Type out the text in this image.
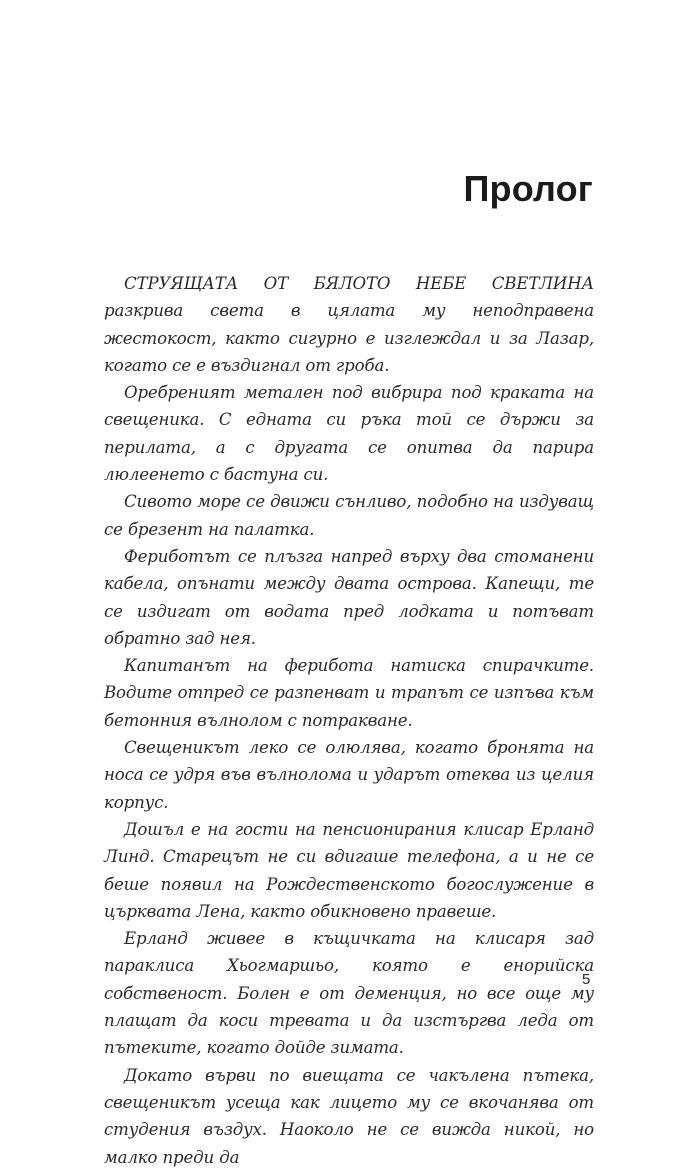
Пролог

СТРУЯЩАТА ОТ БЯЛОТО НЕБЕ СВЕТЛИНА разкрива света в цялата му неподправена жестокост, както сигурно е изглеждал и за Лазар, когато се е въздигнал от гроба.

Оребреният метален под вибрира под краката на свещеника. С едната си ръка той се държи за перилата, а с другата се опитва да парира люлеенето с бастуна си.

Сивото море се движи сънливо, подобно на издуващ се брезент на палатка.

Фериботът се плъзга напред върху два стоманени кабела, опънати между двата острова. Капещи, те се издигат от водата пред лодката и потъват обратно зад нея.

Капитанът на ферибота натиска спирачките. Водите отпред се разпенват и трапът се изпъва към бетонния вълнолом с потракване.

Свещеникът леко се олюлява, когато бронята на носа се удря във вълнолома и ударът отеква из целия корпус.

Дошъл е на гости на пенсионирания клисар Ерланд Линд. Старецът не си вдигаше телефона, а и не се беше появил на Рождественското богослужение в църквата Лена, както обикновено правеше.

Ерланд живее в къщичката на клисаря зад параклиса Хьогмаршьо, която е енорийска собственост. Болен е от деменция, но все още му плащат да коси тревата и да изстъргва леда от пътеките, когато дойде зимата.

Докато върви по виещата се чакълена пътека, свещеникът усеща как лицето му се вкочанява от студения въздух. Наоколо не се вижда никой, но малко преди да

5
